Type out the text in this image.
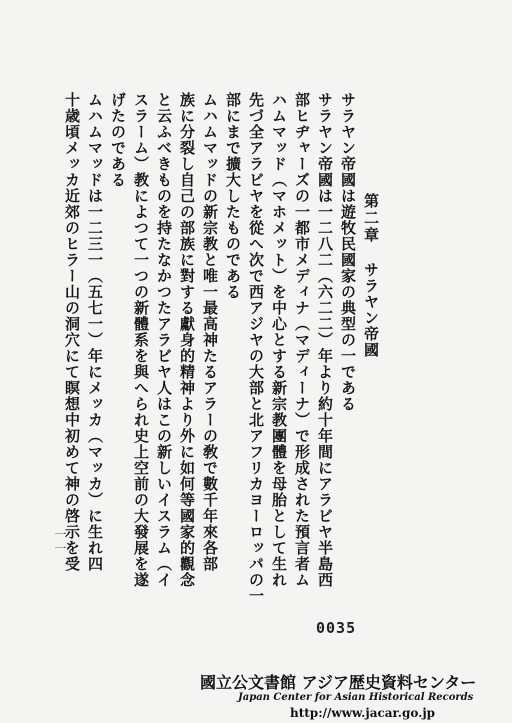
第二章
サラヤン帝國
サラヤン帝國は遊牧民國家の典型の一である
サラヤン帝國は一二八二（六二二）年より約十年間にアラビヤ半島西
部ヒヂャーズの一都市メディナ（マディーナ）で形成された預言者ム
ハムマッド（マホメット）を中心とする新宗教團體を母胎として生れ
先づ全アラビヤを從へ次で西アジヤの大部と北アフリカヨーロッパの一
部にまで擴大したものである
ムハムマッドの新宗教と唯一最高神たるアラーの敎で數千年來各部
族に分裂し自己の部族に對する獻身的精神より外に如何等國家的觀念
と云ふべきものを持たなかつたアラビヤ人はこの新しいイスラム（イ
スラーム）教によつて一つの新體系を與へられ史上空前の大發展を遂
げたのである
ムハムマッドは一二三一（五七一）年にメッカ（マッカ）に生れ四
十歳頃メッカ近郊のヒラー山の洞穴にて瞑想中初めて神の啓示を受
一一
0035
國立公文書館 アジア歴史資料センター
Japan Center for Asian Historical Records
http://www.jacar.go.jp
